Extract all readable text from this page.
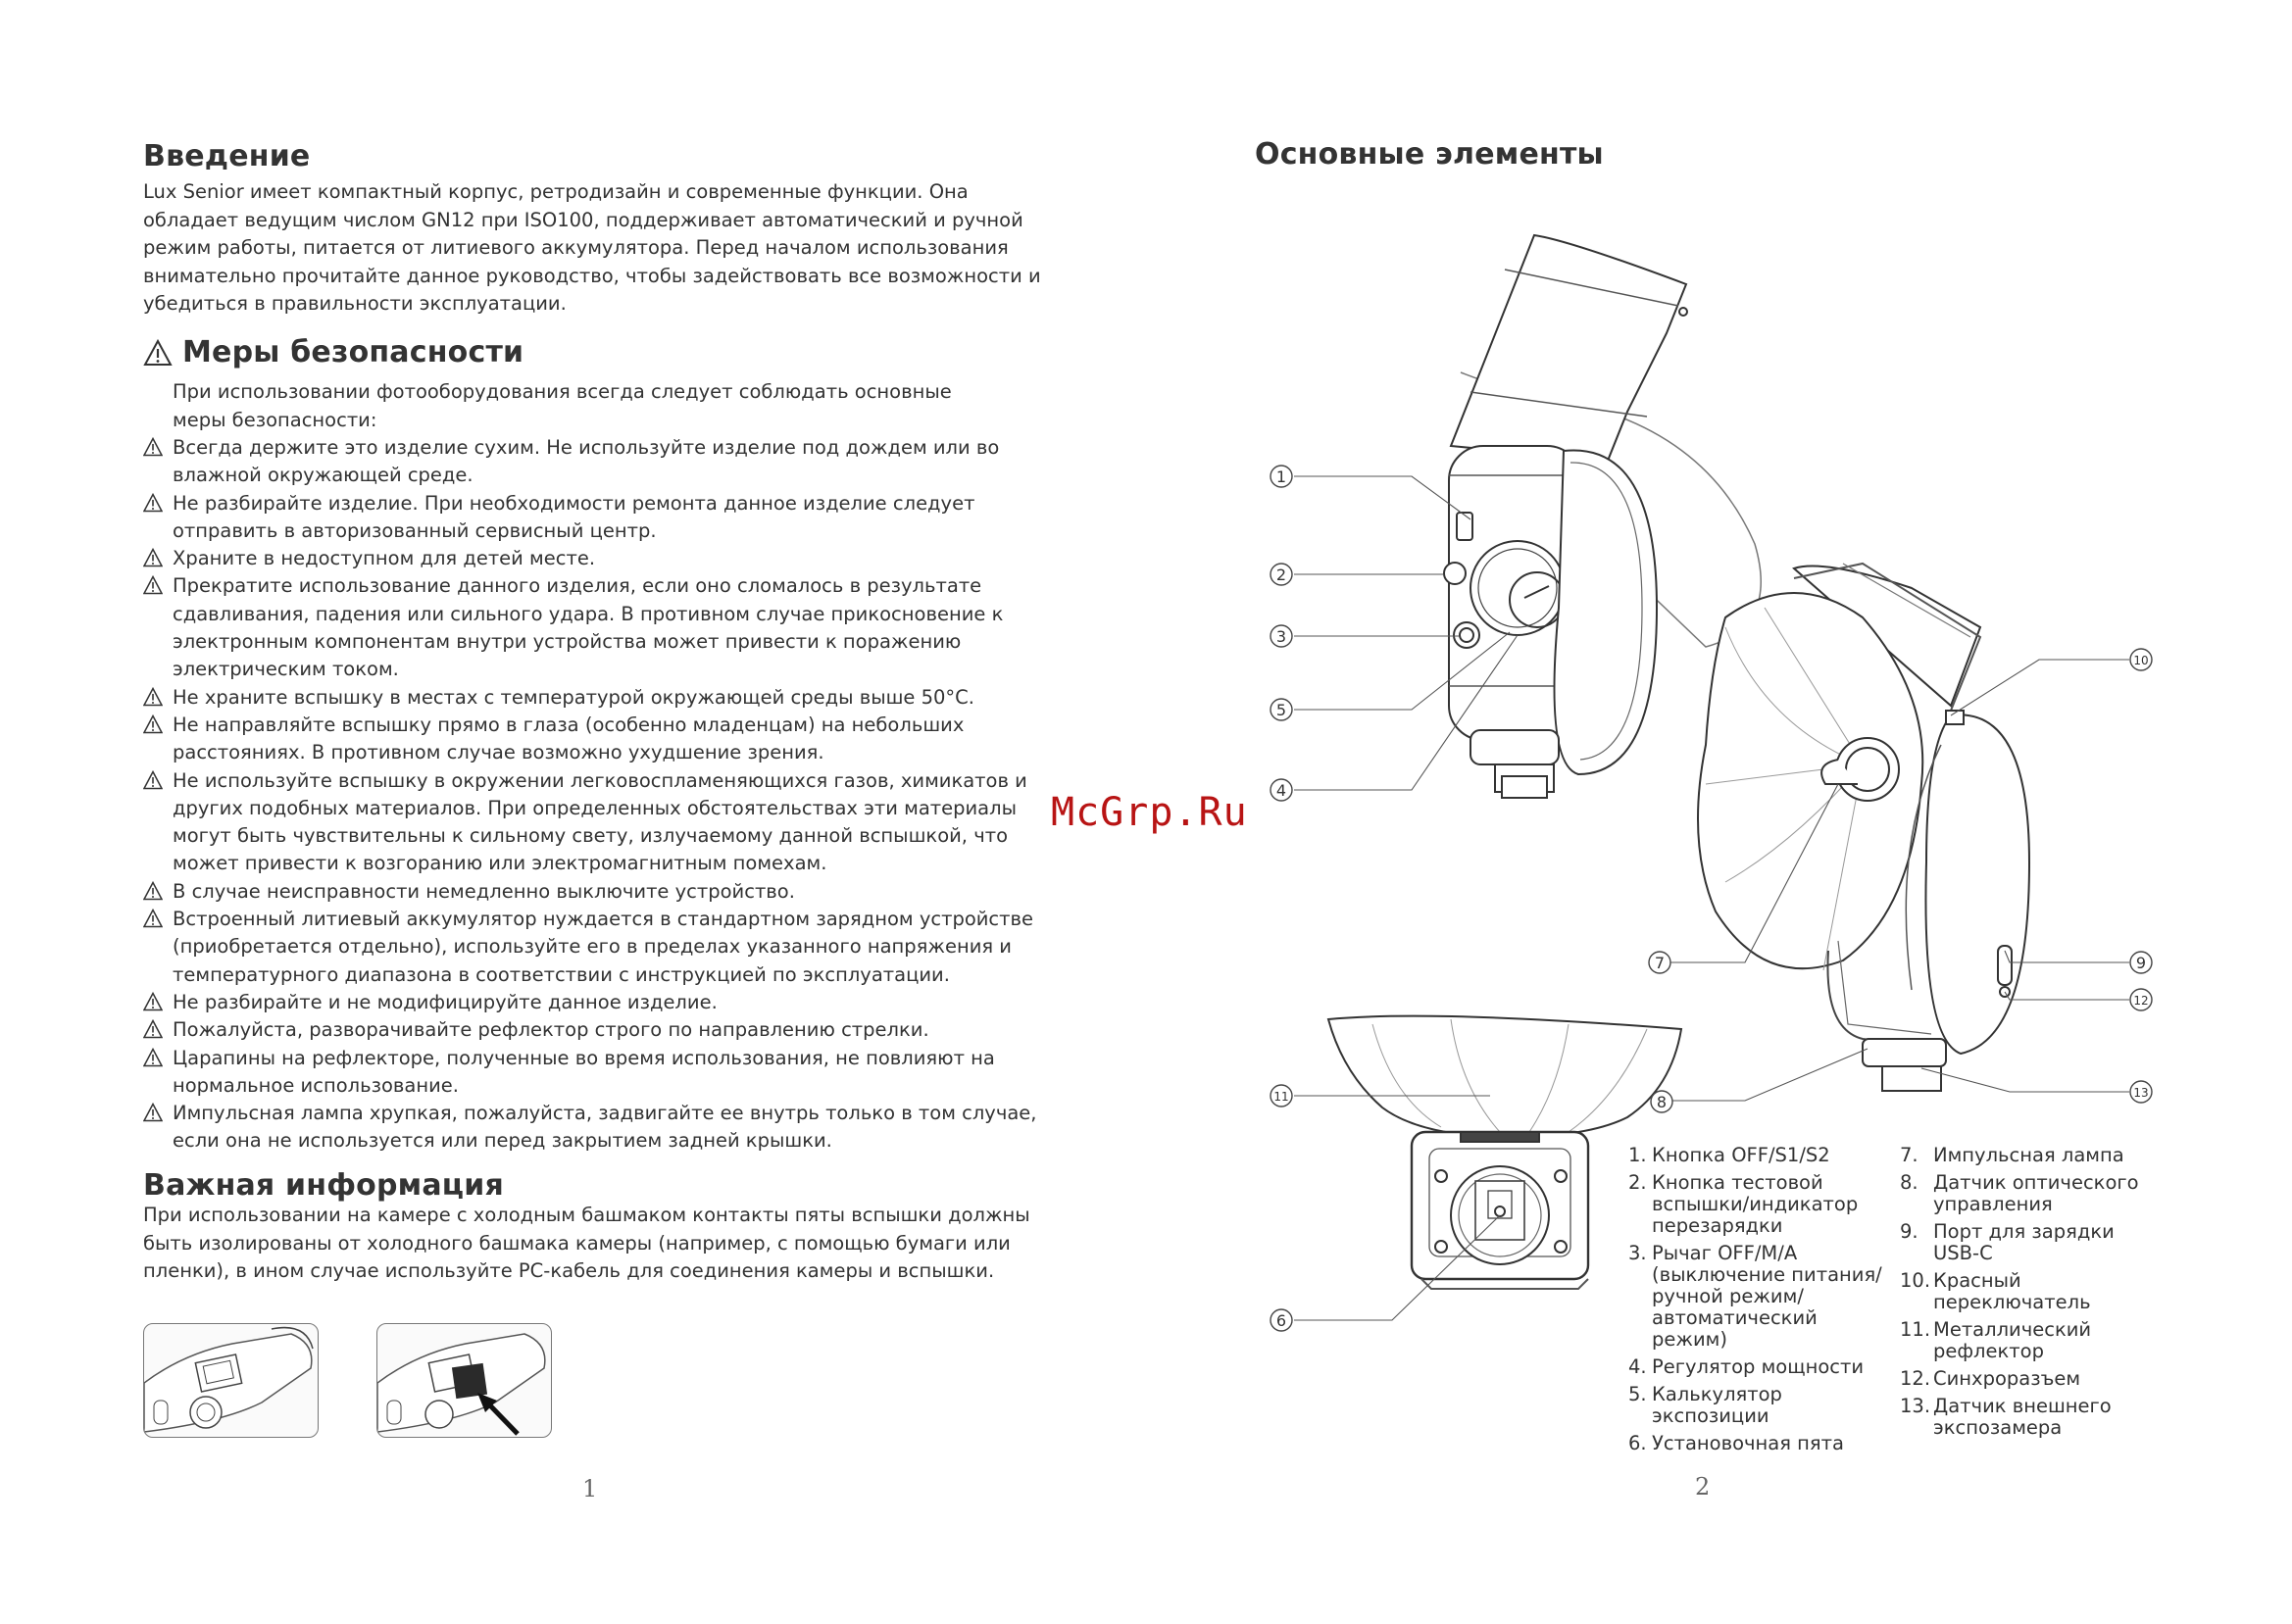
Введение

Lux Senior имеет компактный корпус, ретродизайн и современные функции. Она обладает ведущим числом GN12 при ISO100, поддерживает автоматический и ручной режим работы, питается от литиевого аккумулятора. Перед началом использования внимательно прочитайте данное руководство, чтобы задействовать все возможности и убедиться в правильности эксплуатации.

Меры безопасности

При использовании фотооборудования всегда следует соблюдать основные меры безопасности:

Всегда держите это изделие сухим. Не используйте изделие под дождем или во влажной окружающей среде.
Не разбирайте изделие. При необходимости ремонта данное изделие следует отправить в авторизованный сервисный центр.
Храните в недоступном для детей месте.
Прекратите использование данного изделия, если оно сломалось в результате сдавливания, падения или сильного удара. В противном случае прикосновение к электронным компонентам внутри устройства может привести к поражению электрическим током.
Не храните вспышку в местах с температурой окружающей среды выше 50°C.
Не направляйте вспышку прямо в глаза (особенно младенцам) на небольших расстояниях. В противном случае возможно ухудшение зрения.
Не используйте вспышку в окружении легковоспламеняющихся газов, химикатов и других подобных материалов. При определенных обстоятельствах эти материалы могут быть чувствительны к сильному свету, излучаемому данной вспышкой, что может привести к возгоранию или электромагнитным помехам.
В случае неисправности немедленно выключите устройство.
Встроенный литиевый аккумулятор нуждается в стандартном зарядном устройстве (приобретается отдельно), используйте его в пределах указанного напряжения и температурного диапазона в соответствии с инструкцией по эксплуатации.
Не разбирайте и не модифицируйте данное изделие.
Пожалуйста, разворачивайте рефлектор строго по направлению стрелки.
Царапины на рефлекторе, полученные во время использования, не повлияют на нормальное использование.
Импульсная лампа хрупкая, пожалуйста, задвигайте ее внутрь только в том случае, если она не используется или перед закрытием задней крышки.
Важная информация

При использовании на камере с холодным башмаком контакты пяты вспышки должны быть изолированы от холодного башмака камеры (например, с помощью бумаги или пленки), в ином случае используйте PC-кабель для соединения камеры и вспышки.

1
McGrp.Ru
Основные элементы
1
2
3
4
5
6
7
8
9
10
11
12
13
1. Кнопка OFF/S1/S2
2. Кнопка тестовой вспышки/индикатор перезарядки
3. Рычаг OFF/M/A (выключение питания/ ручной режим/ автоматический режим)
4. Регулятор мощности
5. Калькулятор экспозиции
6. Установочная пята
7. Импульсная лампа
8. Датчик оптического управления
9. Порт для зарядки USB-C
10. Красный переключатель
11. Металлический рефлектор
12. Синхроразъем
13. Датчик внешнего экспозамера
2
